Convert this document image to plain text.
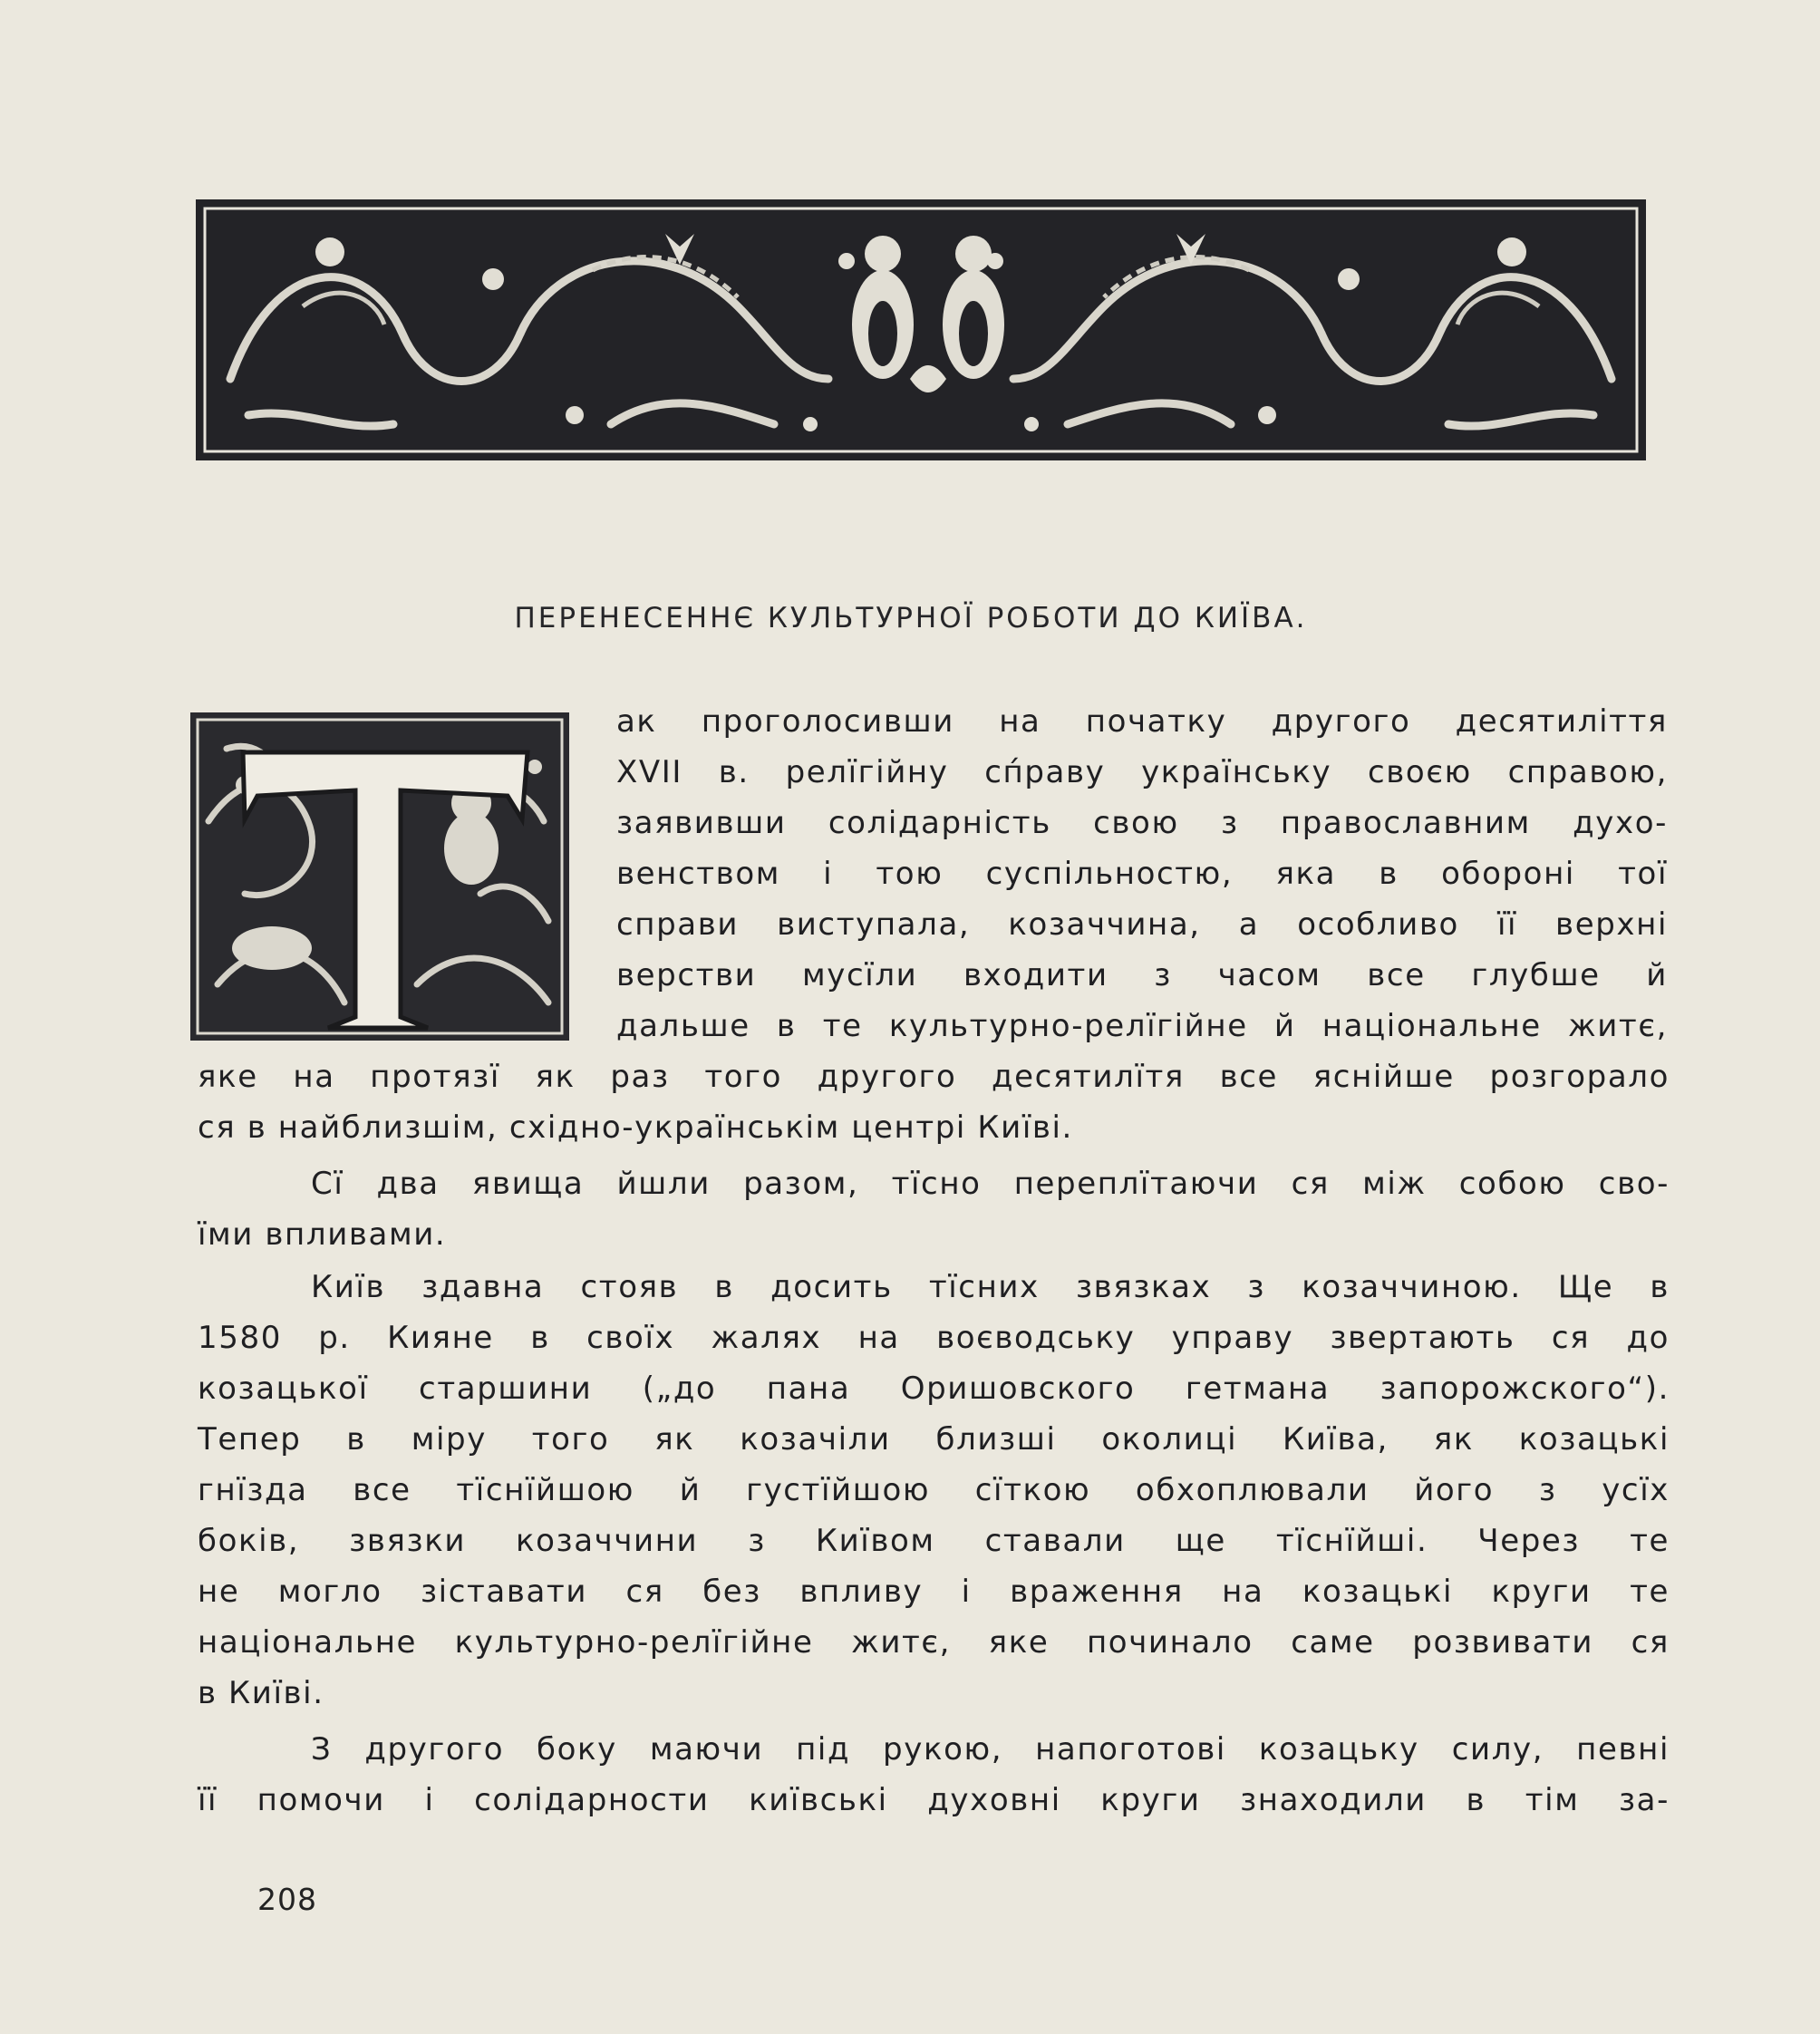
ПЕРЕНЕСЕННЄ КУЛЬТУРНОЇ РОБОТИ ДО КИЇВА.
ак проголосивши на початку другого десятиліття
XVII в. релїгійну сп́раву українську своєю справою,
заявивши солідарність свою з православним духо-
венством і тою суспільностю, яка в обороні тої
справи виступала, козаччина, а особливо її верхні
верстви мусїли входити з часом все глубше й
дальше в те культурно-релїгійне й національне житє,
яке на протязї як раз того другого десятилїтя все яснійше розгорало
ся в найблизшім, східно-українськім центрі Київі.
Сї два явища йшли разом, тїсно переплїтаючи ся між собою сво-
їми впливами.
Київ здавна стояв в досить тїсних звязках з козаччиною. Ще в
1580 р. Кияне в своїх жалях на воєводську управу звертають ся до
козацької старшини („до пана Оришовского гетмана запорожского“).
Тепер в міру того як козачіли близші околиці Київа, як козацькі
гнїзда все тїснїйшою й густїйшою сїткою обхоплювали його з усїх
боків, звязки козаччини з Київом ставали ще тїснїйші. Через те
не могло зіставати ся без впливу і враження на козацькі круги те
національне культурно-релїгійне житє, яке починало саме розвивати ся
в Київі.
З другого боку маючи під рукою, напоготові козацьку силу, певні
її помочи і солідарности київські духовні круги знаходили в тім за-
208
